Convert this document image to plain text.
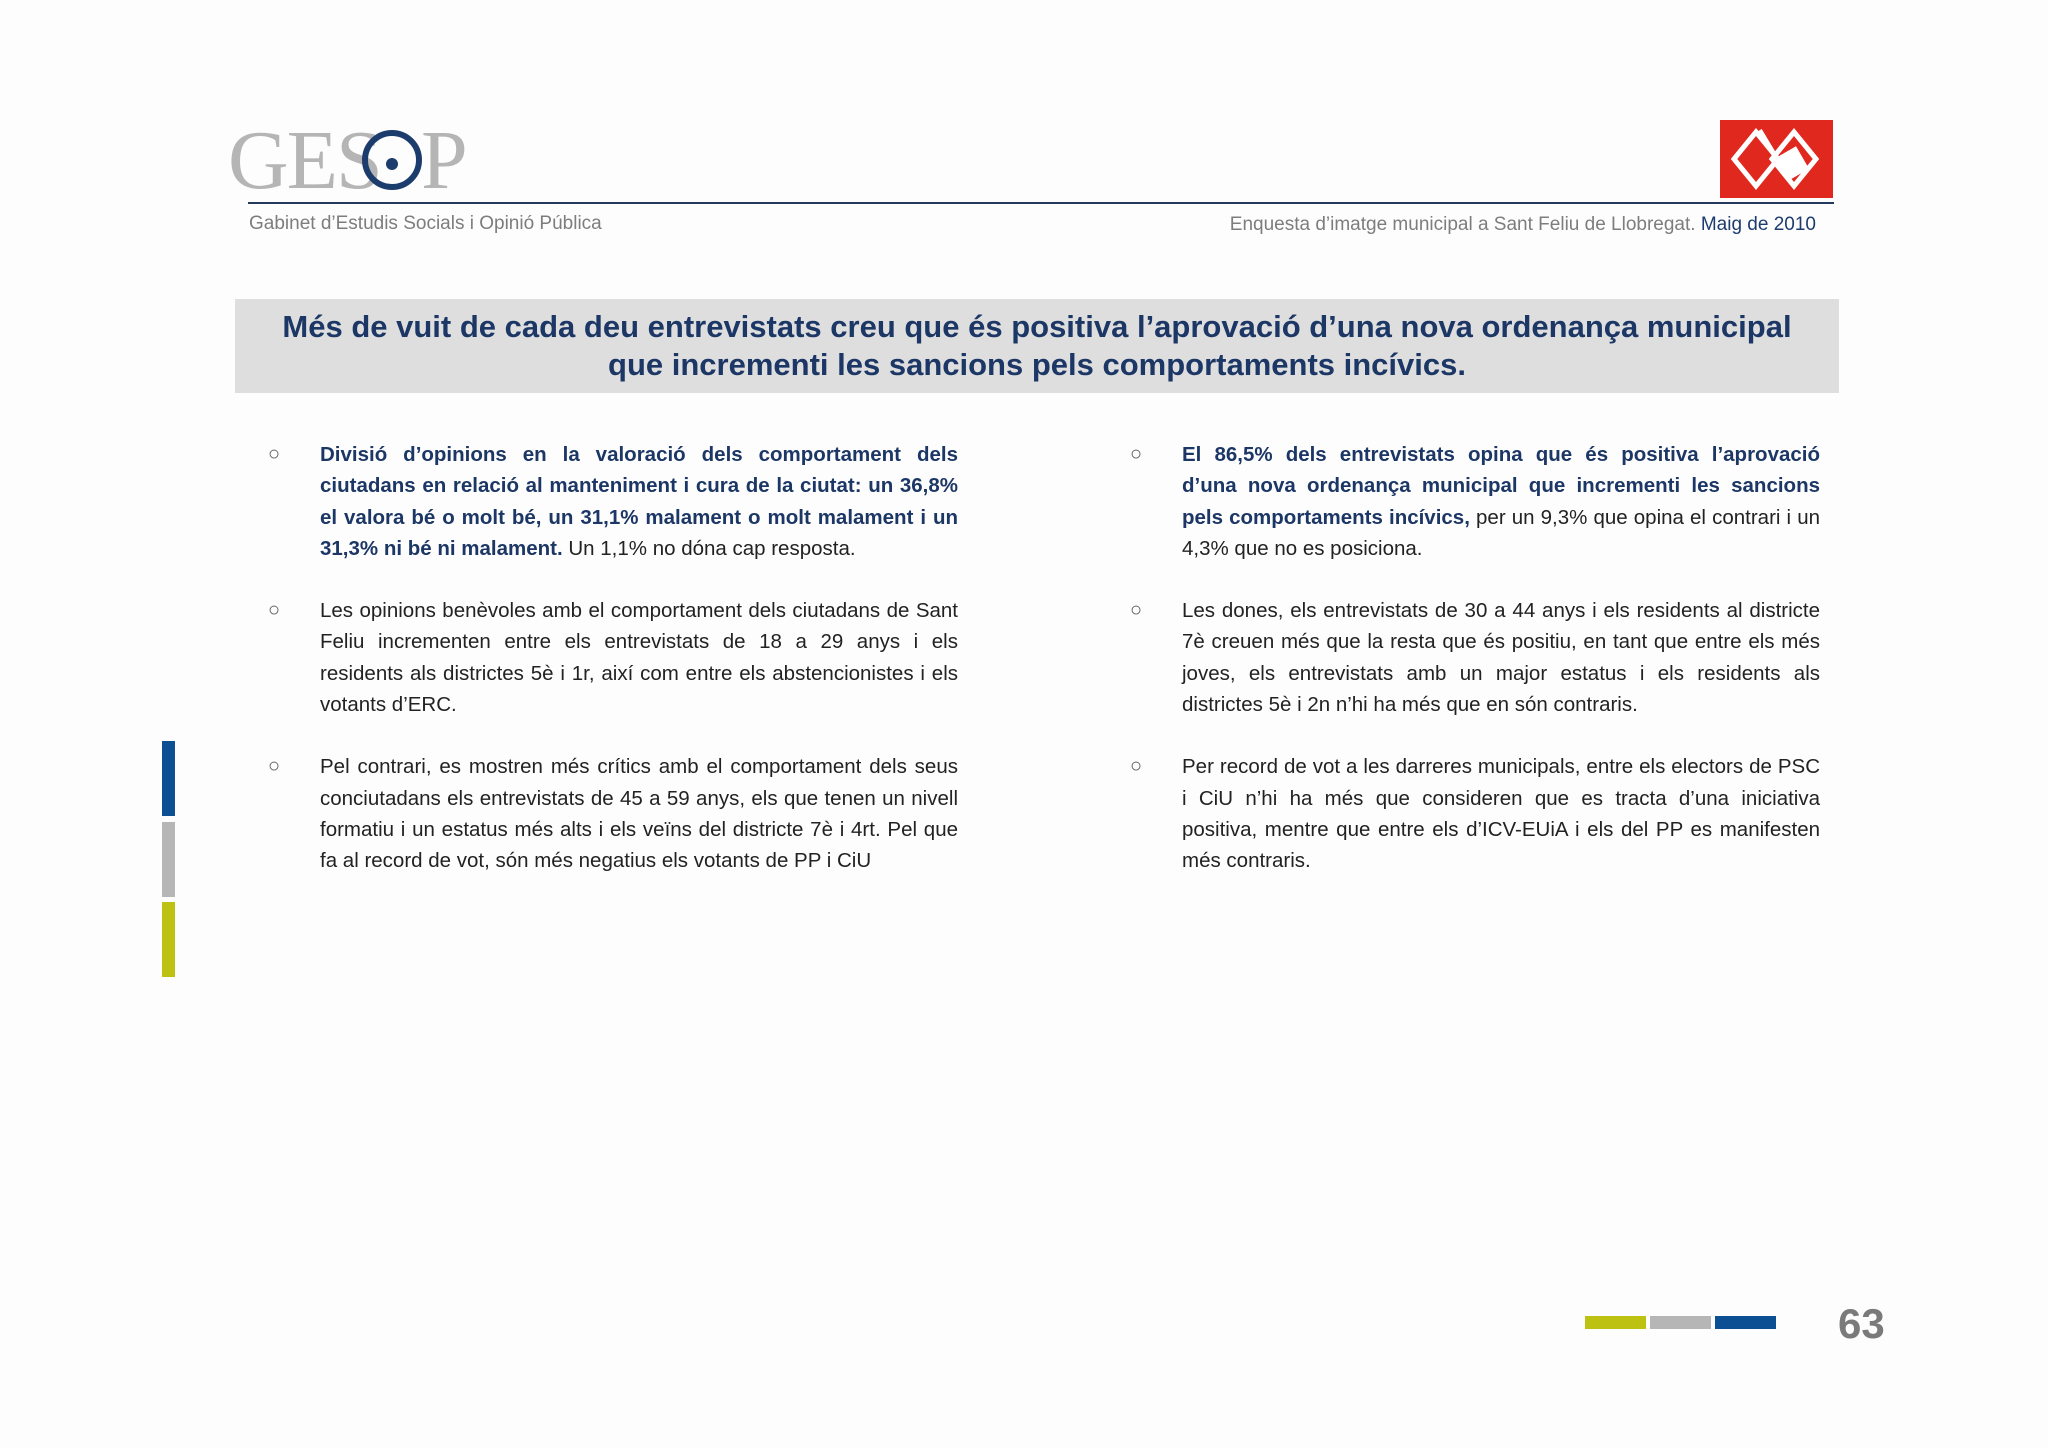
GES P
Gabinet d’Estudis Socials i Opinió Pública	Enquesta d’imatge municipal a Sant Feliu de Llobregat. Maig de 2010
Més de vuit de cada deu entrevistats creu que és positiva l’aprovació d’una nova ordenança municipal
que incrementi les sancions pels comportaments incívics.
○	Divisió d’opinions en la valoració dels comportament dels ciutadans en relació al manteniment i cura de la ciutat: un 36,8% el valora bé o molt bé, un 31,1% malament o molt malament i un 31,3% ni bé ni malament. Un 1,1% no dóna cap resposta.
○	Les opinions benèvoles amb el comportament dels ciutadans de Sant Feliu incrementen entre els entrevistats de 18 a 29 anys i els residents als districtes 5è i 1r, així com entre els abstencionistes i els votants d’ERC.
○	Pel contrari, es mostren més crítics amb el comportament dels seus conciutadans els entrevistats de 45 a 59 anys, els que tenen un nivell formatiu i un estatus més alts i els veïns del districte 7è i 4rt. Pel que fa al record de vot, són més negatius els votants de PP i CiU
○	El 86,5% dels entrevistats opina que és positiva l’aprovació d’una nova ordenança municipal que incrementi les sancions pels comportaments incívics, per un 9,3% que opina el contrari i un 4,3% que no es posiciona.
○	Les dones, els entrevistats de 30 a 44 anys i els residents al districte 7è creuen més que la resta que és positiu, en tant que entre els més joves, els entrevistats amb un major estatus i els residents als districtes 5è i 2n n’hi ha més que en són contraris.
○	Per record de vot a les darreres municipals, entre els electors de PSC i CiU n’hi ha més que consideren que es tracta d’una iniciativa positiva, mentre que entre els d’ICV-EUiA i els del PP es manifesten més contraris.
63
